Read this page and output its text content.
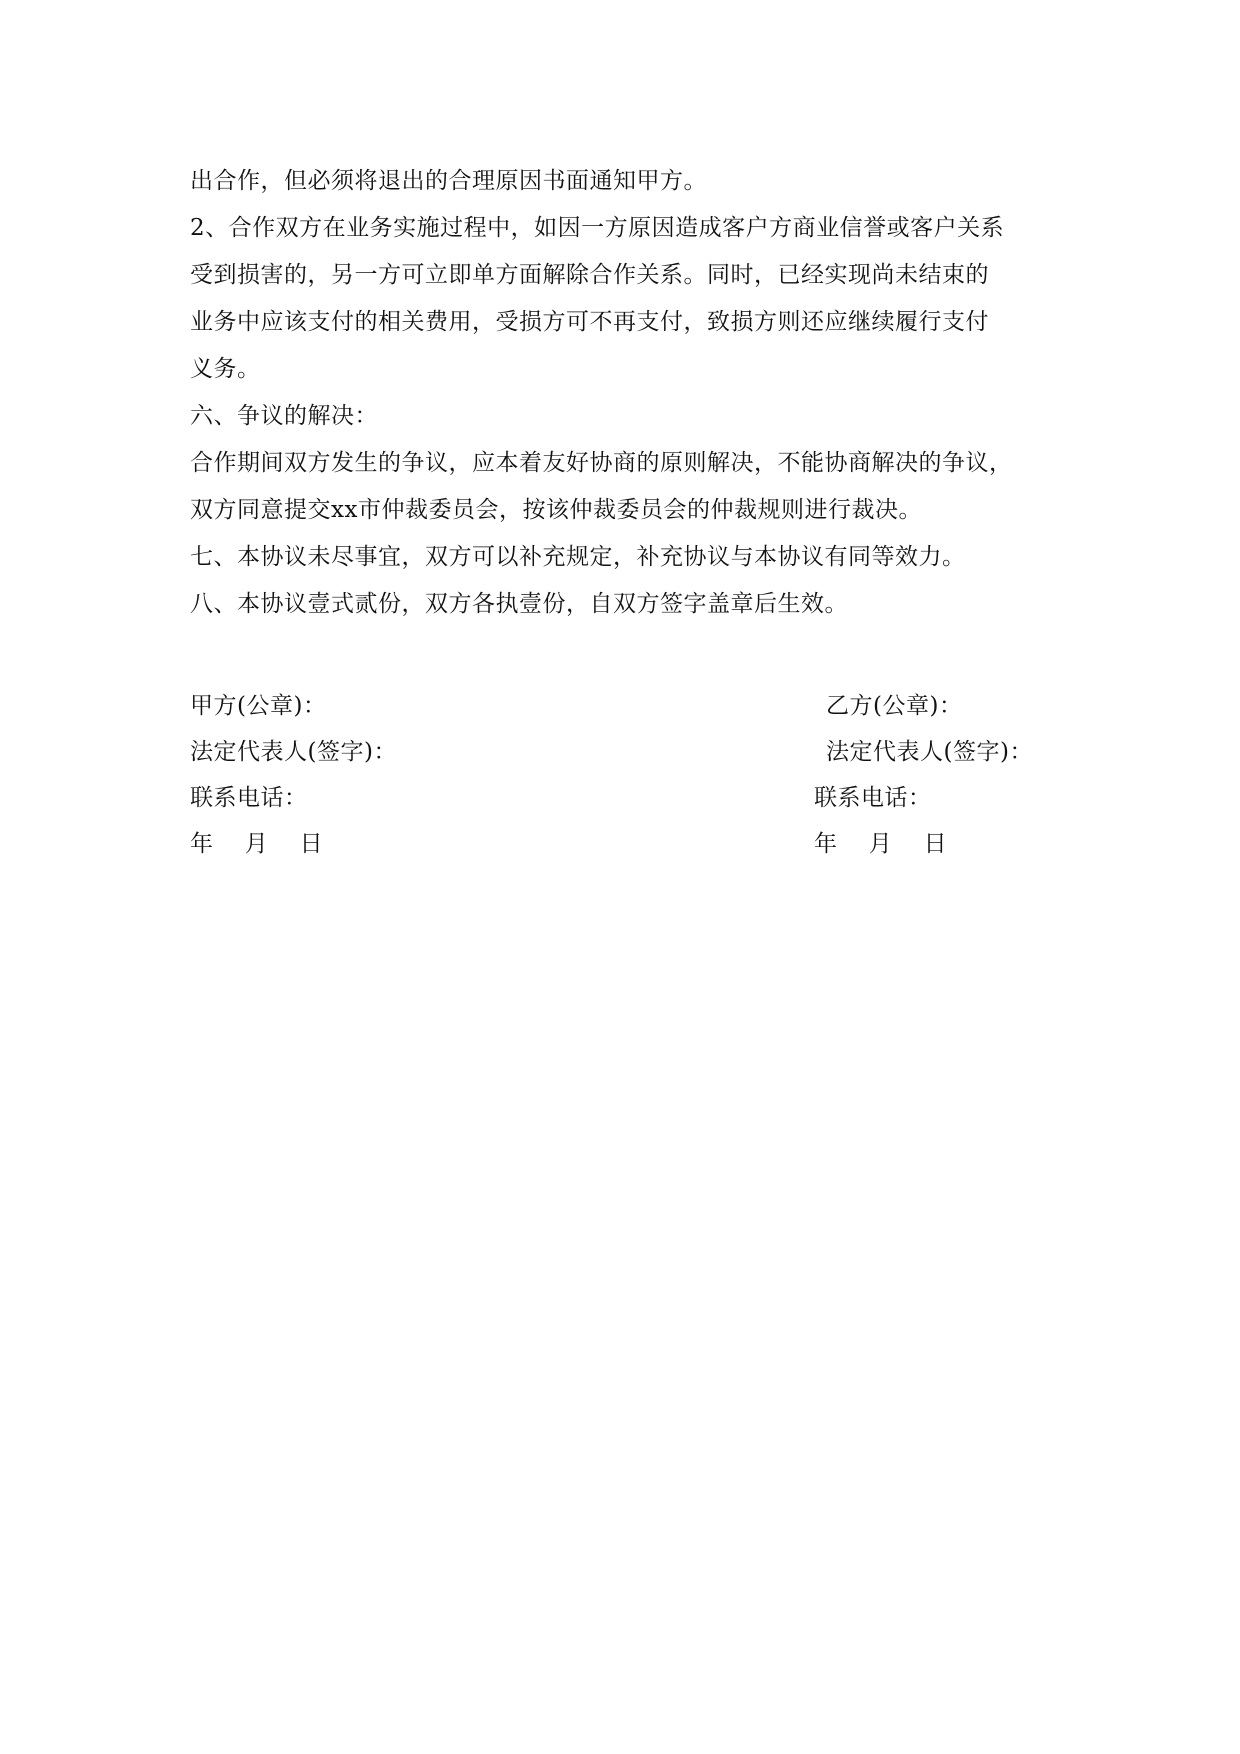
出合作，但必须将退出的合理原因书面通知甲方。
2、合作双方在业务实施过程中，如因一方原因造成客户方商业信誉或客户关系
受到损害的，另一方可立即单方面解除合作关系。同时，已经实现尚未结束的
业务中应该支付的相关费用，受损方可不再支付，致损方则还应继续履行支付
义务。
六、争议的解决：
合作期间双方发生的争议，应本着友好协商的原则解决，不能协商解决的争议，
双方同意提交xx市仲裁委员会，按该仲裁委员会的仲裁规则进行裁决。
七、本协议未尽事宜，双方可以补充规定，补充协议与本协议有同等效力。
八、本协议壹式贰份，双方各执壹份，自双方签字盖章后生效。
甲方(公章)：
法定代表人(签字)：
联系电话：
年　 月　 日
乙方(公章)：
法定代表人(签字)：
联系电话：
年　 月　 日
